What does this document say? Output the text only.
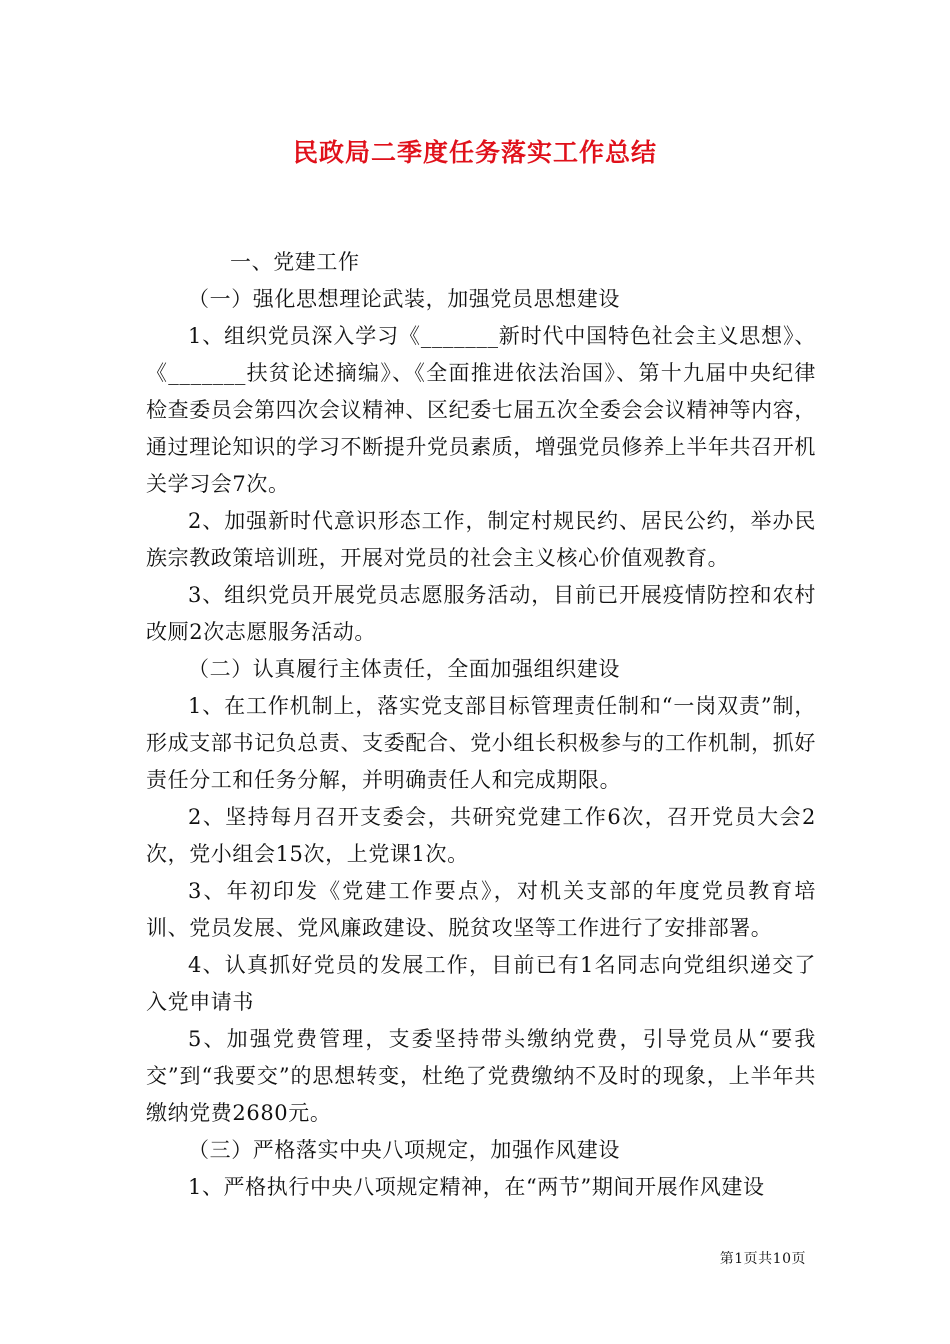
民政局二季度任务落实工作总结

一、党建工作

（一）强化思想理论武装，加强党员思想建设

1、组织党员深入学习《_______新时代中国特色社会主义思想》、《_______扶贫论述摘编》、《全面推进依法治国》、第十九届中央纪律检查委员会第四次会议精神、区纪委七届五次全委会会议精神等内容，通过理论知识的学习不断提升党员素质，增强党员修养上半年共召开机关学习会7次。

2、加强新时代意识形态工作，制定村规民约、居民公约，举办民族宗教政策培训班，开展对党员的社会主义核心价值观教育。

3、组织党员开展党员志愿服务活动，目前已开展疫情防控和农村改厕2次志愿服务活动。

（二）认真履行主体责任，全面加强组织建设

1、在工作机制上，落实党支部目标管理责任制和“一岗双责”制，形成支部书记负总责、支委配合、党小组长积极参与的工作机制，抓好责任分工和任务分解，并明确责任人和完成期限。

2、坚持每月召开支委会，共研究党建工作6次，召开党员大会2次，党小组会15次，上党课1次。

3、年初印发《党建工作要点》，对机关支部的年度党员教育培训、党员发展、党风廉政建设、脱贫攻坚等工作进行了安排部署。

4、认真抓好党员的发展工作，目前已有1名同志向党组织递交了入党申请书

5、加强党费管理，支委坚持带头缴纳党费，引导党员从“要我交”到“我要交”的思想转变，杜绝了党费缴纳不及时的现象，上半年共缴纳党费2680元。

（三）严格落实中央八项规定，加强作风建设

1、严格执行中央八项规定精神，在“两节”期间开展作风建设

第1页共10页
